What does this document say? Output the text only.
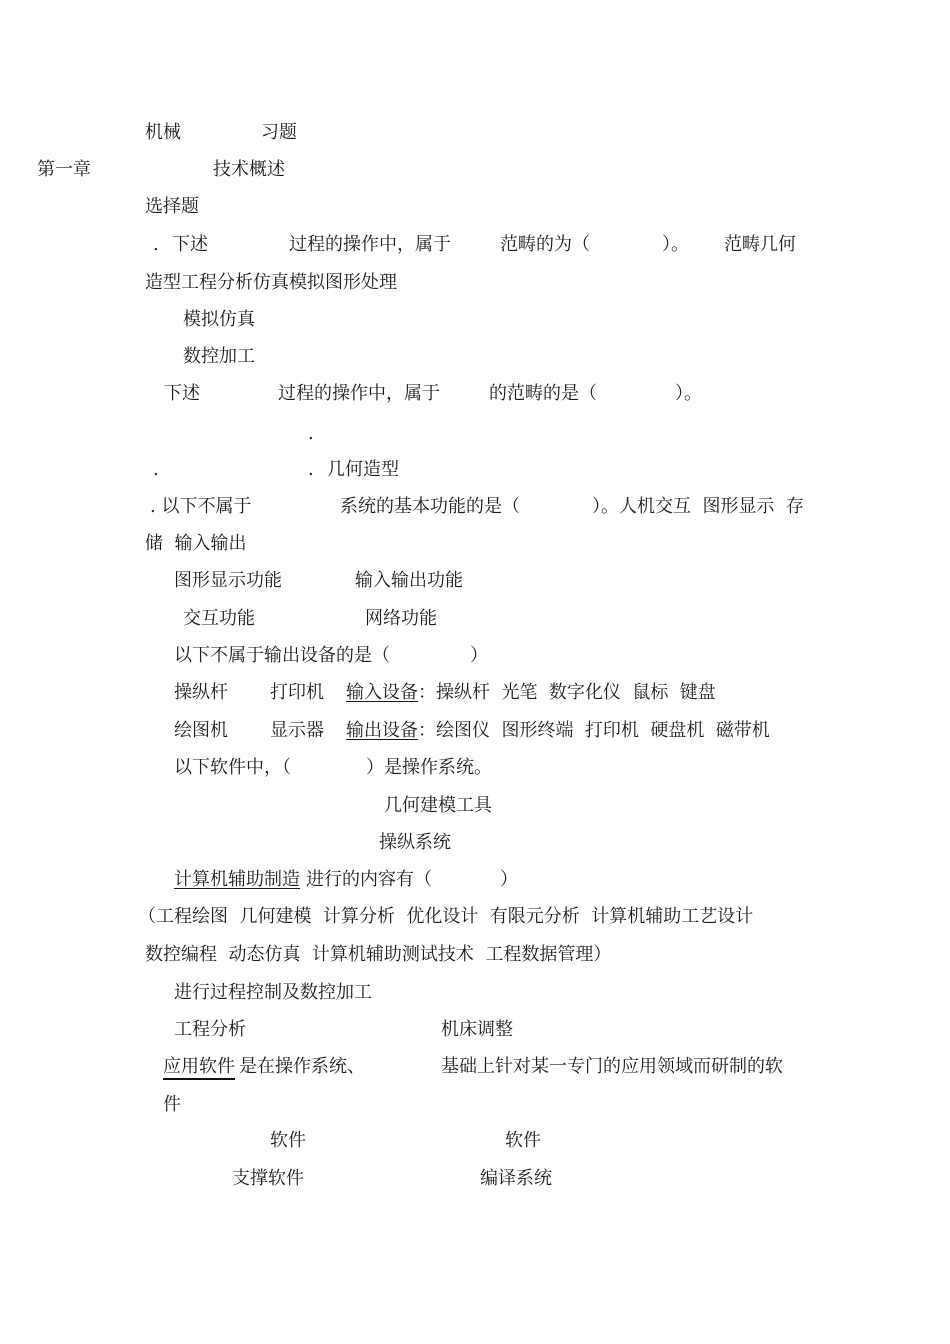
机械	习题
第一章	技术概述
选择题
. 下述	过程的操作中，属于	范畴的为（	）。 范畴几何
造型工程分析仿真模拟图形处理
模拟仿真
数控加工
下述	过程的操作中，属于	的范畴的是（	）。
.
.	. 几何造型
. 以下不属于	系统的基本功能的是（	）。人机交互  图形显示  存
储  输入输出
图形显示功能	输入输出功能
交互功能	网络功能
以下不属于输出设备的是（	）
操纵杆 打印机 输入设备 ：操纵杆  光笔  数字化仪  鼠标  键盘
绘图机 显示器 输出设备 ：绘图仪  图形终端  打印机  硬盘机  磁带机
以下软件中，（	）是操作系统。
几何建模工具
操纵系统
计算机辅助制造 进行的内容有（	）
（工程绘图  几何建模  计算分析  优化设计  有限元分析  计算机辅助工艺设计
数控编程  动态仿真  计算机辅助测试技术  工程数据管理）
进行过程控制及数控加工
工程分析	机床调整
应用软件 是在操作系统、	基础上针对某一专门的应用领域而研制的软
件
软件	软件
支撑软件	编译系统
